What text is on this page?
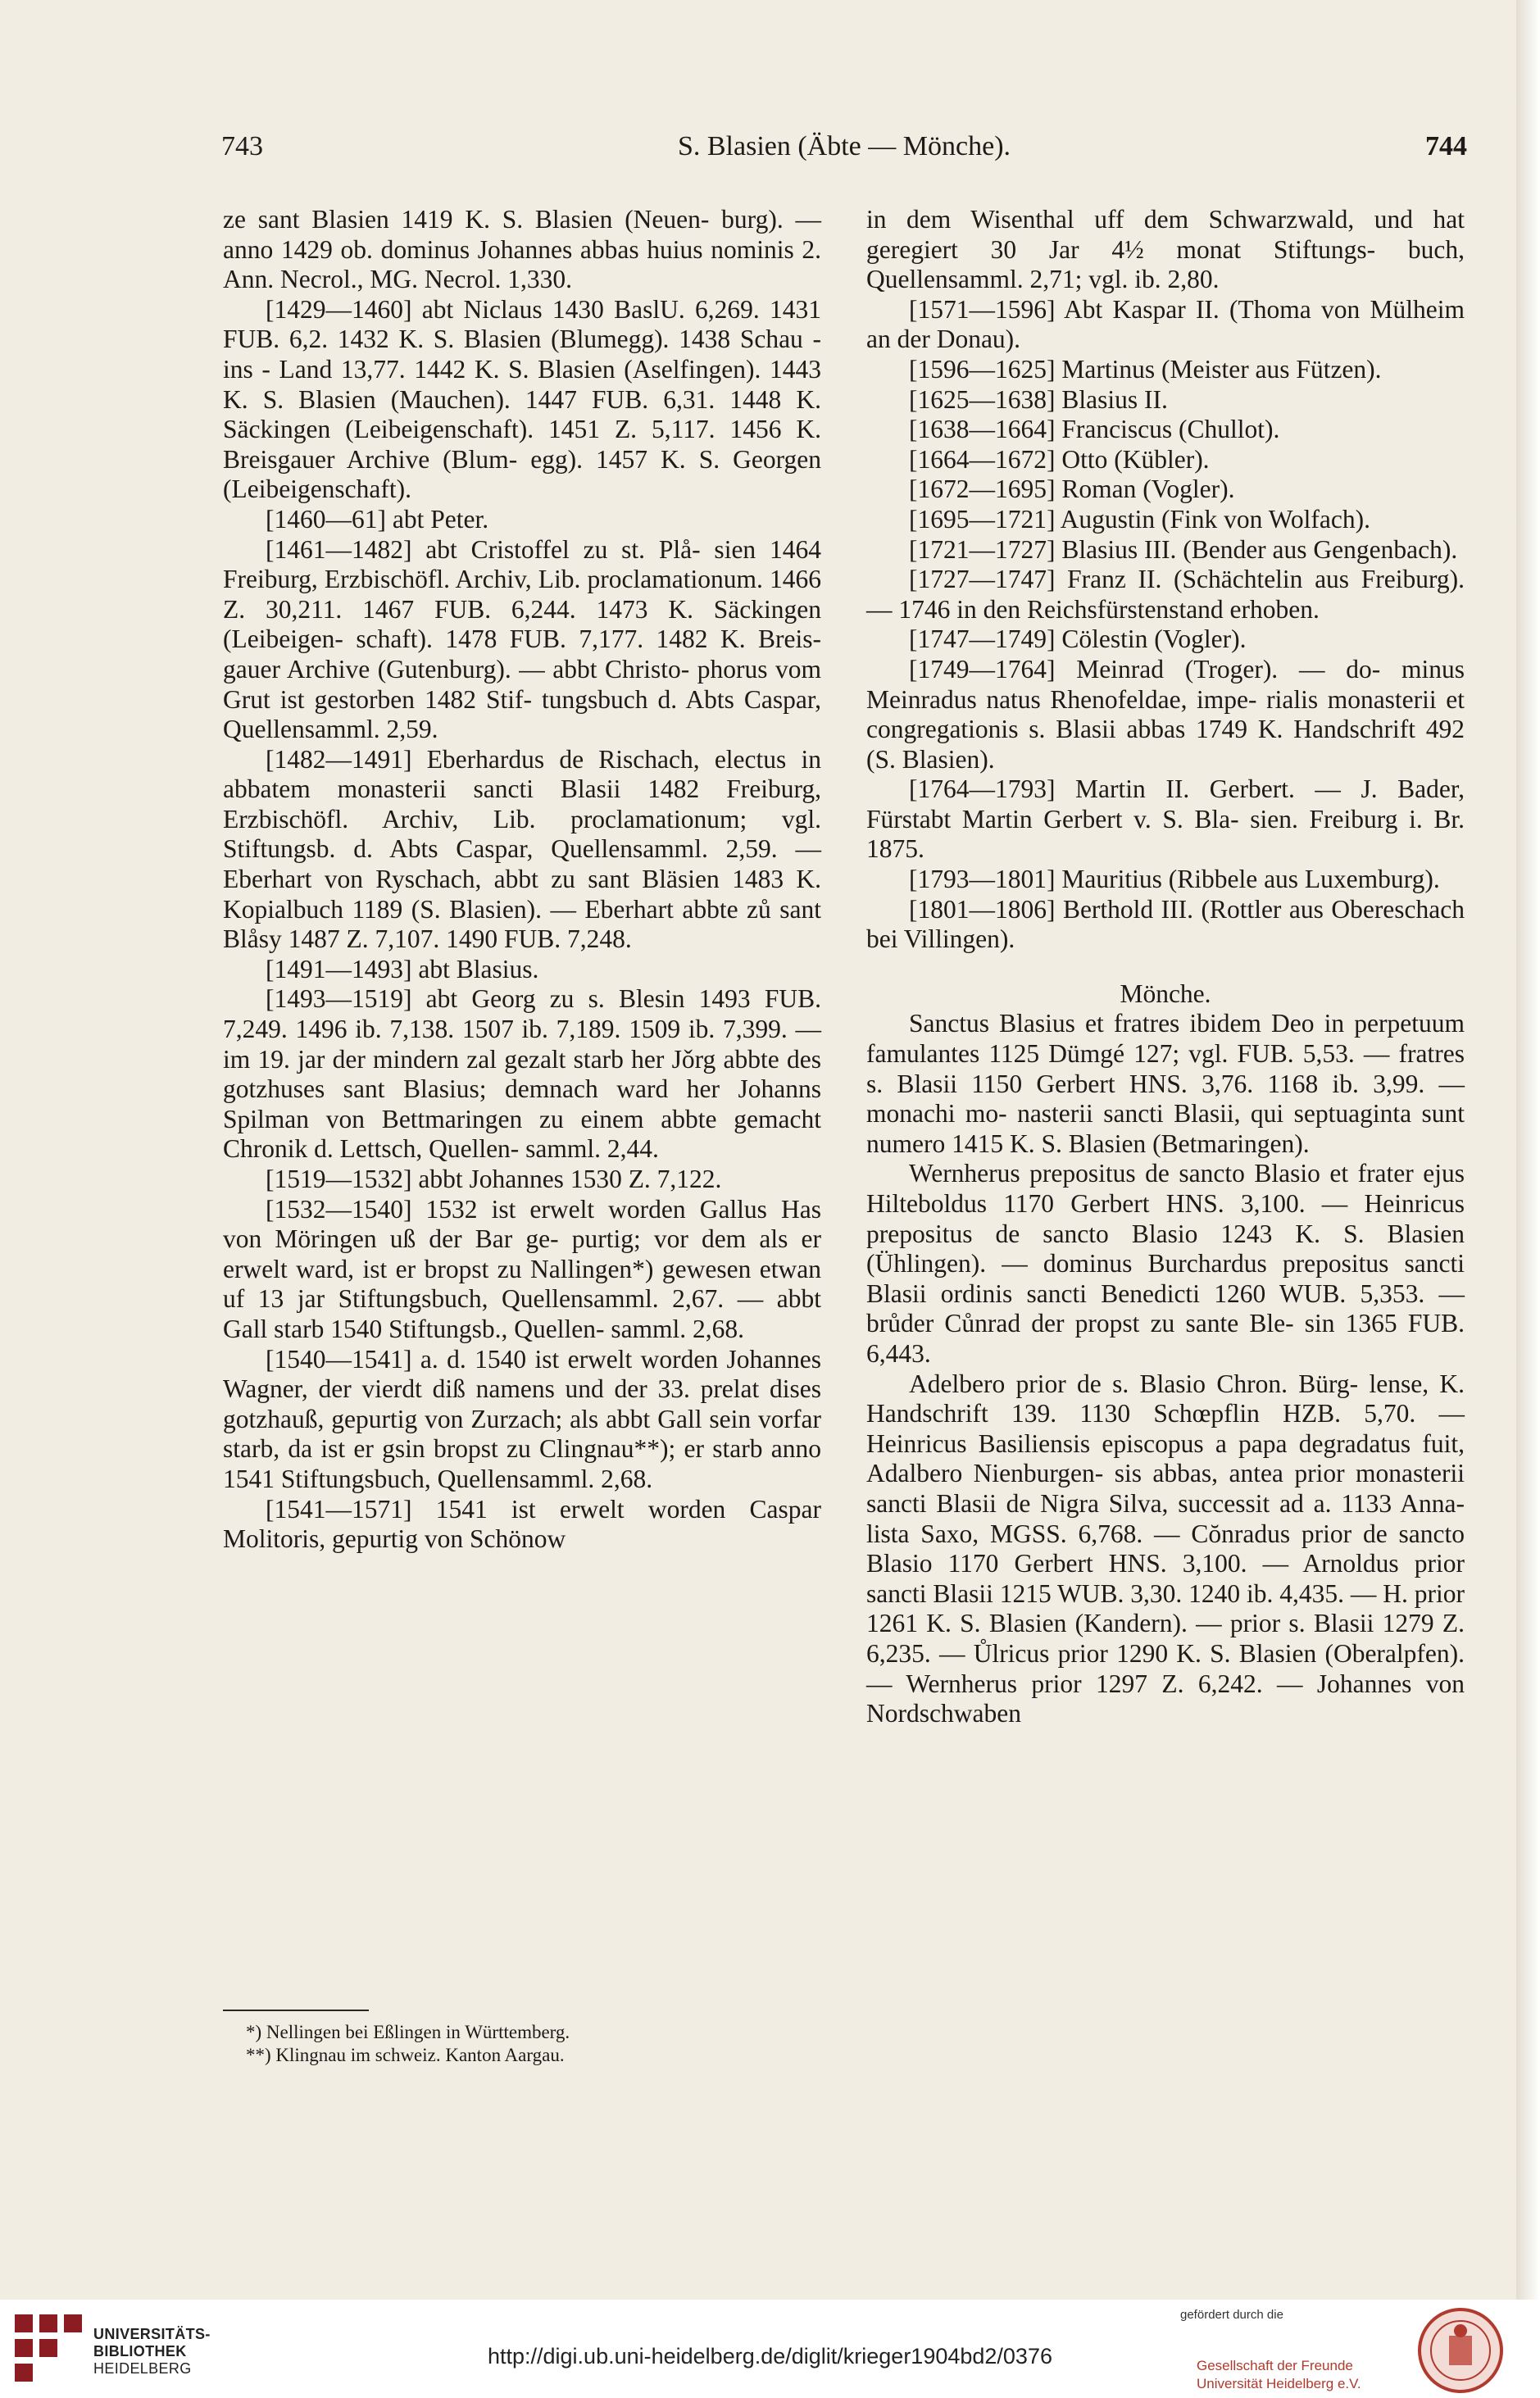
743	S. Blasien (Äbte — Mönche).	744

ze sant Blasien 1419 K. S. Blasien (Neuen- burg). — anno 1429 ob. dominus Johannes abbas huius nominis 2. Ann. Necrol., MG. Necrol. 1,330.

[1429—1460] abt Niclaus 1430 BaslU. 6,269. 1431 FUB. 6,2. 1432 K. S. Blasien (Blumegg). 1438 Schau - ins - Land 13,77. 1442 K. S. Blasien (Aselfingen). 1443 K. S. Blasien (Mauchen). 1447 FUB. 6,31. 1448 K. Säckingen (Leibeigenschaft). 1451 Z. 5,117. 1456 K. Breisgauer Archive (Blum- egg). 1457 K. S. Georgen (Leibeigenschaft).

[1460—61] abt Peter.

[1461—1482] abt Cristoffel zu st. Plå- sien 1464 Freiburg, Erzbischöfl. Archiv, Lib. proclamationum. 1466 Z. 30,211. 1467 FUB. 6,244. 1473 K. Säckingen (Leibeigen- schaft). 1478 FUB. 7,177. 1482 K. Breis- gauer Archive (Gutenburg). — abbt Christo- phorus vom Grut ist gestorben 1482 Stif- tungsbuch d. Abts Caspar, Quellensamml. 2,59.

[1482—1491] Eberhardus de Rischach, electus in abbatem monasterii sancti Blasii 1482 Freiburg, Erzbischöfl. Archiv, Lib. proclamationum; vgl. Stiftungsb. d. Abts Caspar, Quellensamml. 2,59. — Eberhart von Ryschach, abbt zu sant Bläsien 1483 K. Kopialbuch 1189 (S. Blasien). — Eberhart abbte zů sant Blåsy 1487 Z. 7,107. 1490 FUB. 7,248.

[1491—1493] abt Blasius.

[1493—1519] abt Georg zu s. Blesin 1493 FUB. 7,249. 1496 ib. 7,138. 1507 ib. 7,189. 1509 ib. 7,399. — im 19. jar der mindern zal gezalt starb her Jǒrg abbte des gotzhuses sant Blasius; demnach ward her Johanns Spilman von Bettmaringen zu einem abbte gemacht Chronik d. Lettsch, Quellen- samml. 2,44.

[1519—1532] abbt Johannes 1530 Z. 7,122.

[1532—1540] 1532 ist erwelt worden Gallus Has von Möringen uß der Bar ge- purtig; vor dem als er erwelt ward, ist er bropst zu Nallingen*) gewesen etwan uf 13 jar Stiftungsbuch, Quellensamml. 2,67. — abbt Gall starb 1540 Stiftungsb., Quellen- samml. 2,68.

[1540—1541] a. d. 1540 ist erwelt worden Johannes Wagner, der vierdt diß namens und der 33. prelat dises gotzhauß, gepurtig von Zurzach; als abbt Gall sein vorfar starb, da ist er gsin bropst zu Clingnau**); er starb anno 1541 Stiftungsbuch, Quellensamml. 2,68.

[1541—1571] 1541 ist erwelt worden Caspar Molitoris, gepurtig von Schönow

*) Nellingen bei Eßlingen in Württemberg.

**) Klingnau im schweiz. Kanton Aargau.

in dem Wisenthal uff dem Schwarzwald, und hat geregiert 30 Jar 4½ monat Stiftungs- buch, Quellensamml. 2,71; vgl. ib. 2,80.

[1571—1596] Abt Kaspar II. (Thoma von Mülheim an der Donau).

[1596—1625] Martinus (Meister aus Fützen).

[1625—1638] Blasius II.

[1638—1664] Franciscus (Chullot).

[1664—1672] Otto (Kübler).

[1672—1695] Roman (Vogler).

[1695—1721] Augustin (Fink von Wolfach).

[1721—1727] Blasius III. (Bender aus Gengenbach).

[1727—1747] Franz II. (Schächtelin aus Freiburg). — 1746 in den Reichsfürstenstand erhoben.

[1747—1749] Cölestin (Vogler).

[1749—1764] Meinrad (Troger). — do- minus Meinradus natus Rhenofeldae, impe- rialis monasterii et congregationis s. Blasii abbas 1749 K. Handschrift 492 (S. Blasien).

[1764—1793] Martin II. Gerbert. — J. Bader, Fürstabt Martin Gerbert v. S. Bla- sien. Freiburg i. Br. 1875.

[1793—1801] Mauritius (Ribbele aus Luxemburg).

[1801—1806] Berthold III. (Rottler aus Obereschach bei Villingen).

Mönche.

Sanctus Blasius et fratres ibidem Deo in perpetuum famulantes 1125 Dümgé 127; vgl. FUB. 5,53. — fratres s. Blasii 1150 Gerbert HNS. 3,76. 1168 ib. 3,99. — monachi mo- nasterii sancti Blasii, qui septuaginta sunt numero 1415 K. S. Blasien (Betmaringen).

Wernherus prepositus de sancto Blasio et frater ejus Hilteboldus 1170 Gerbert HNS. 3,100. — Heinricus prepositus de sancto Blasio 1243 K. S. Blasien (Ühlingen). — dominus Burchardus prepositus sancti Blasii ordinis sancti Benedicti 1260 WUB. 5,353. — brůder Cůnrad der propst zu sante Ble- sin 1365 FUB. 6,443.

Adelbero prior de s. Blasio Chron. Bürg- lense, K. Handschrift 139. 1130 Schœpflin HZB. 5,70. — Heinricus Basiliensis episcopus a papa degradatus fuit, Adalbero Nienburgen- sis abbas, antea prior monasterii sancti Blasii de Nigra Silva, successit ad a. 1133 Anna- lista Saxo, MGSS. 6,768. — Cŏnradus prior de sancto Blasio 1170 Gerbert HNS. 3,100. — Arnoldus prior sancti Blasii 1215 WUB. 3,30. 1240 ib. 4,435. — H. prior 1261 K. S. Blasien (Kandern). — prior s. Blasii 1279 Z. 6,235. — Ůlricus prior 1290 K. S. Blasien (Oberalpfen). — Wernherus prior 1297 Z. 6,242. — Johannes von Nordschwaben

UNIVERSITÄTS-
BIBLIOTHEK
HEIDELBERG	http://digi.ub.uni-heidelberg.de/diglit/krieger1904bd2/0376
gefördert durch die
Gesellschaft der Freunde
Universität Heidelberg e.V.
